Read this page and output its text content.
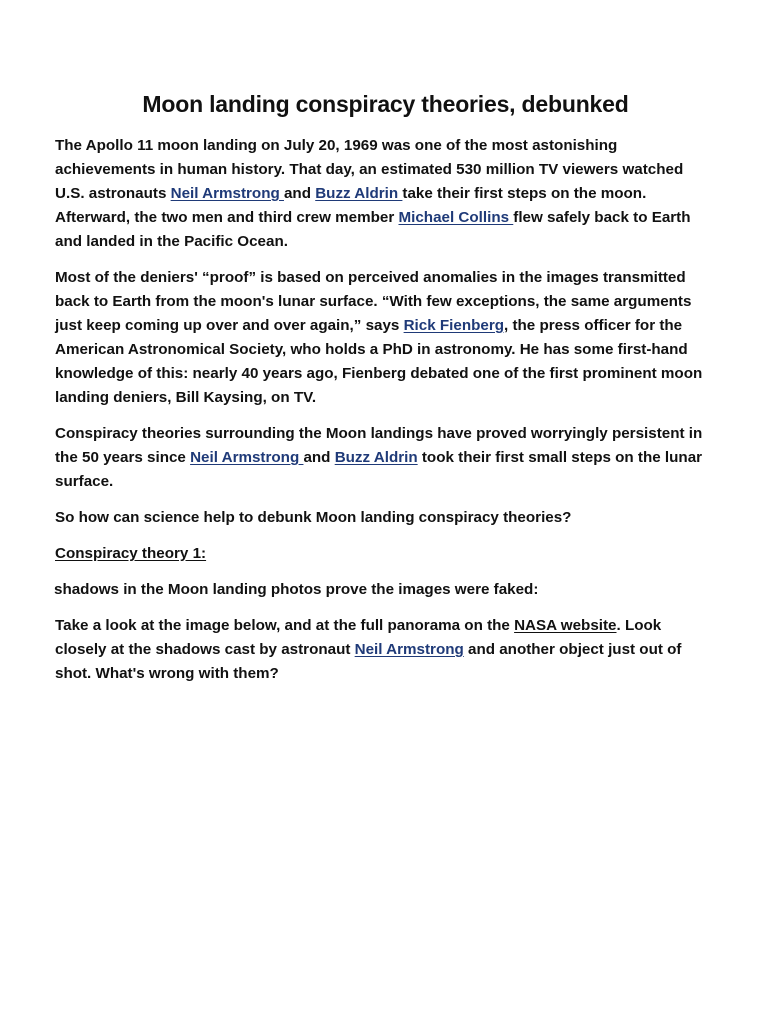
Moon landing conspiracy theories, debunked

The Apollo 11 moon landing on July 20, 1969 was one of the most astonishing achievements in human history. That day, an estimated 530 million TV viewers watched U.S. astronauts Neil Armstrong and Buzz Aldrin take their first steps on the moon. Afterward, the two men and third crew member Michael Collins flew safely back to Earth and landed in the Pacific Ocean.

Most of the deniers' “proof” is based on perceived anomalies in the images transmitted back to Earth from the moon's lunar surface. “With few exceptions, the same arguments just keep coming up over and over again,” says Rick Fienberg, the press officer for the American Astronomical Society, who holds a PhD in astronomy. He has some first-hand knowledge of this: nearly 40 years ago, Fienberg debated one of the first prominent moon landing deniers, Bill Kaysing, on TV.

Conspiracy theories surrounding the Moon landings have proved worryingly persistent in the 50 years since Neil Armstrong and Buzz Aldrin took their first small steps on the lunar surface.

So how can science help to debunk Moon landing conspiracy theories?

Conspiracy theory 1:

shadows in the Moon landing photos prove the images were faked:

Take a look at the image below, and at the full panorama on the NASA website. Look closely at the shadows cast by astronaut Neil Armstrong and another object just out of shot. What's wrong with them?
